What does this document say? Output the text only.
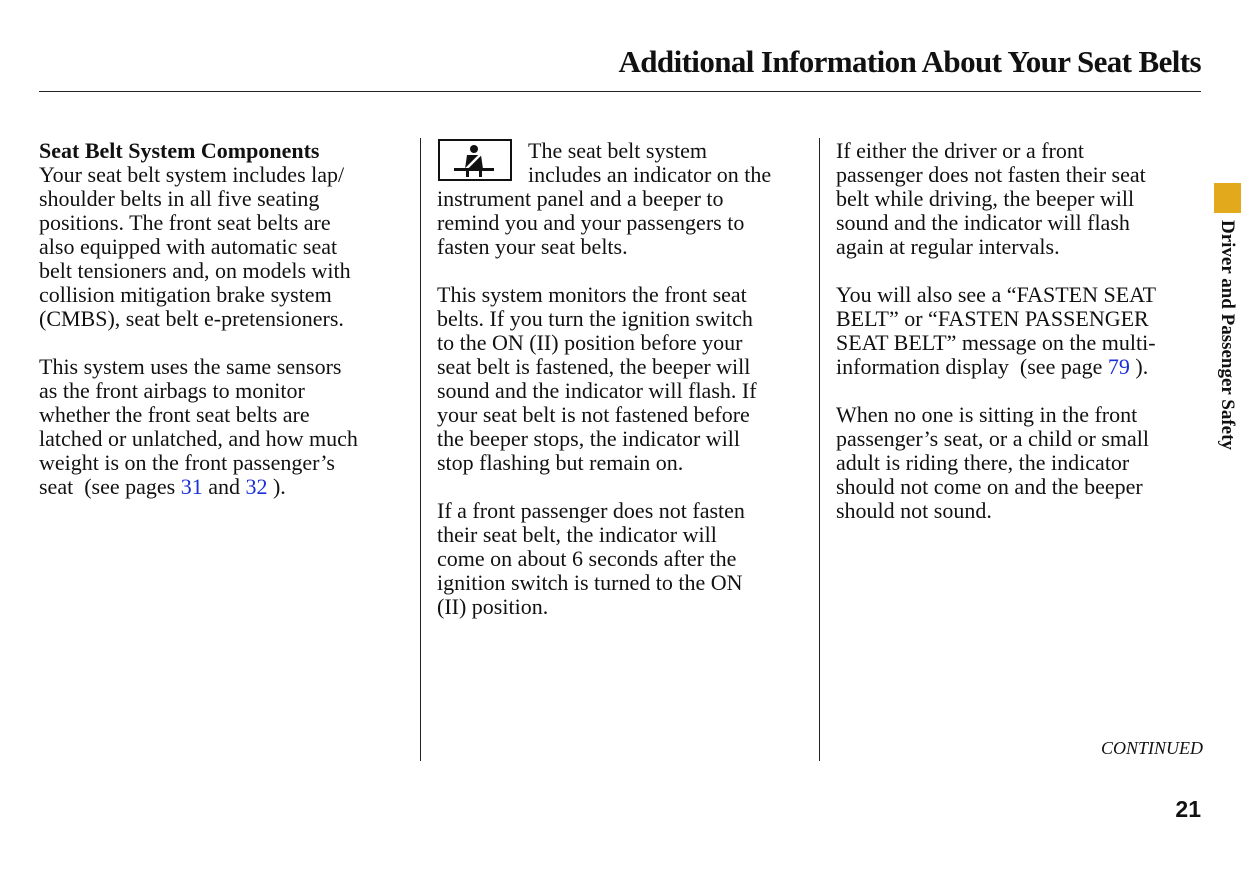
Additional Information About Your Seat Belts
Seat Belt System Components
Your seat belt system includes lap/
shoulder belts in all five seating
positions. The front seat belts are
also equipped with automatic seat
belt tensioners and, on models with
collision mitigation brake system
(CMBS), seat belt e-pretensioners.
This system uses the same sensors
as the front airbags to monitor
whether the front seat belts are
latched or unlatched, and how much
weight is on the front passenger’s
seat  (see pages 31 and 32 ).
The seat belt system
includes an indicator on the
instrument panel and a beeper to
remind you and your passengers to
fasten your seat belts.
This system monitors the front seat
belts. If you turn the ignition switch
to the ON (II) position before your
seat belt is fastened, the beeper will
sound and the indicator will flash. If
your seat belt is not fastened before
the beeper stops, the indicator will
stop flashing but remain on.
If a front passenger does not fasten
their seat belt, the indicator will
come on about 6 seconds after the
ignition switch is turned to the ON
(II) position.
If either the driver or a front
passenger does not fasten their seat
belt while driving, the beeper will
sound and the indicator will flash
again at regular intervals.
You will also see a “FASTEN SEAT
BELT” or “FASTEN PASSENGER
SEAT BELT” message on the multi-
information display  (see page 79 ).
When no one is sitting in the front
passenger’s seat, or a child or small
adult is riding there, the indicator
should not come on and the beeper
should not sound.
Driver and Passenger Safety
CONTINUED
21
